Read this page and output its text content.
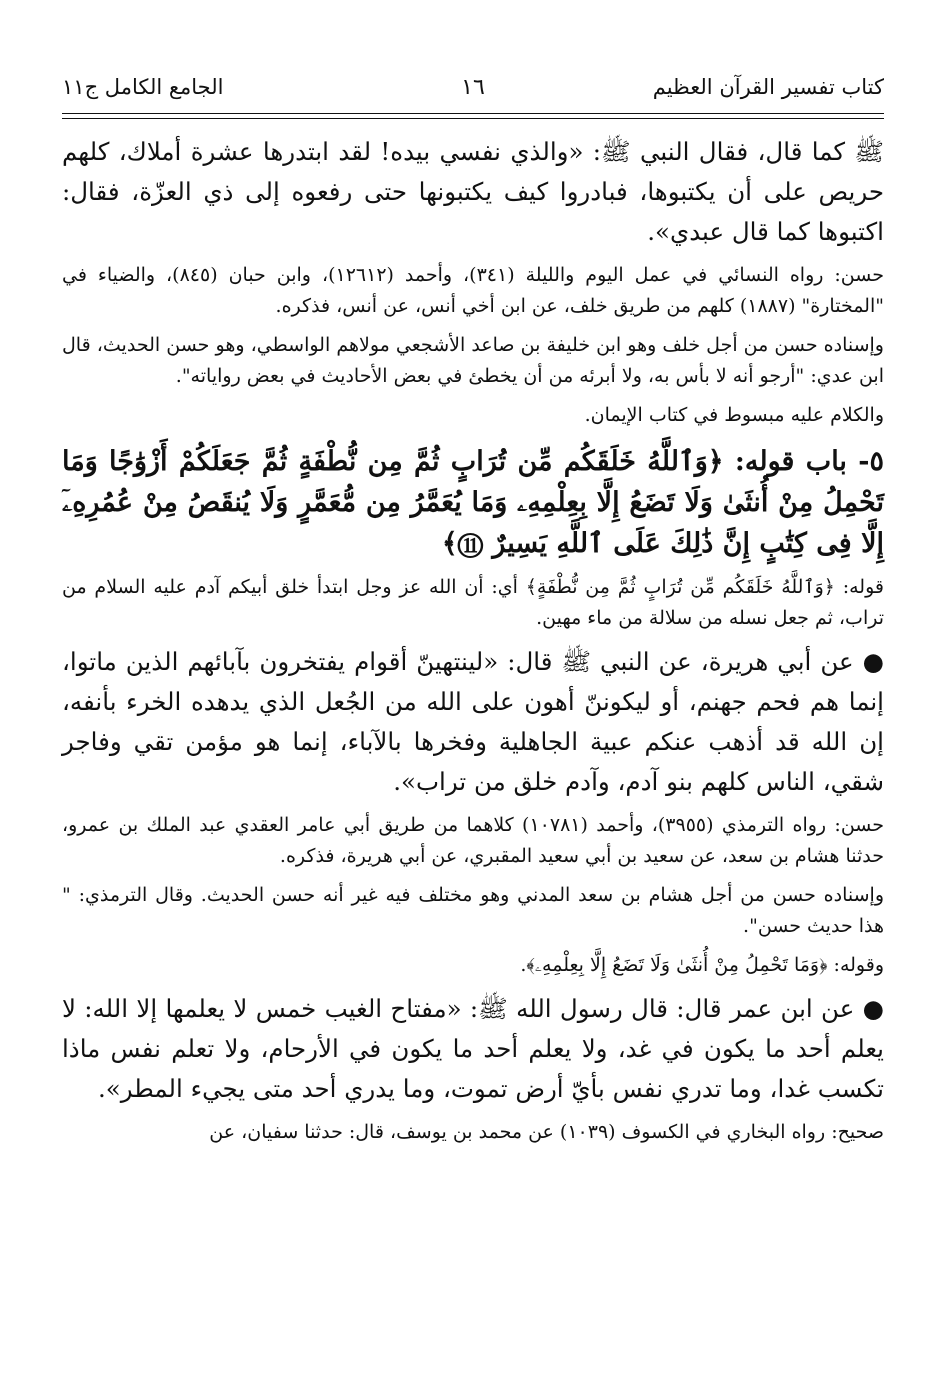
كتاب تفسير القرآن العظيم
١٦
الجامع الكامل ج١١

ﷺ كما قال، فقال النبي ﷺ: «والذي نفسي بيده! لقد ابتدرها عشرة أملاك، كلهم حريص على أن يكتبوها، فبادروا كيف يكتبونها حتى رفعوه إلى ذي العزّة، فقال: اكتبوها كما قال عبدي».

حسن: رواه النسائي في عمل اليوم والليلة (٣٤١)، وأحمد (١٢٦١٢)، وابن حبان (٨٤٥)، والضياء في "المختارة" (١٨٨٧) كلهم من طريق خلف، عن ابن أخي أنس، عن أنس، فذكره.

وإسناده حسن من أجل خلف وهو ابن خليفة بن صاعد الأشجعي مولاهم الواسطي، وهو حسن الحديث، قال ابن عدي: "أرجو أنه لا بأس به، ولا أبرئه من أن يخطئ في بعض الأحاديث في بعض رواياته".

والكلام عليه مبسوط في كتاب الإيمان.

٥- باب قوله: ﴿وَٱللَّهُ خَلَقَكُم مِّن تُرَابٍ ثُمَّ مِن نُّطْفَةٍ ثُمَّ جَعَلَكُمْ أَزْوَٰجًا وَمَا تَحْمِلُ مِنْ أُنثَىٰ وَلَا تَضَعُ إِلَّا بِعِلْمِهِۦ وَمَا يُعَمَّرُ مِن مُّعَمَّرٍ وَلَا يُنقَصُ مِنْ عُمُرِهِۦٓ إِلَّا فِى كِتَٰبٍ إِنَّ ذَٰلِكَ عَلَى ٱللَّهِ يَسِيرٌ ⑪﴾

قوله: ﴿وَٱللَّهُ خَلَقَكُم مِّن تُرَابٍ ثُمَّ مِن نُّطْفَةٍ﴾ أي: أن الله عز وجل ابتدأ خلق أبيكم آدم عليه السلام من تراب، ثم جعل نسله من سلالة من ماء مهين.

● عن أبي هريرة، عن النبي ﷺ قال: «لينتهينّ أقوام يفتخرون بآبائهم الذين ماتوا، إنما هم فحم جهنم، أو ليكوننّ أهون على الله من الجُعل الذي يدهده الخرء بأنفه، إن الله قد أذهب عنكم عبية الجاهلية وفخرها بالآباء، إنما هو مؤمن تقي وفاجر شقي، الناس كلهم بنو آدم، وآدم خلق من تراب».

حسن: رواه الترمذي (٣٩٥٥)، وأحمد (١٠٧٨١) كلاهما من طريق أبي عامر العقدي عبد الملك بن عمرو، حدثنا هشام بن سعد، عن سعيد بن أبي سعيد المقبري، عن أبي هريرة، فذكره.

وإسناده حسن من أجل هشام بن سعد المدني وهو مختلف فيه غير أنه حسن الحديث. وقال الترمذي: " هذا حديث حسن".

وقوله: ﴿وَمَا تَحْمِلُ مِنْ أُنثَىٰ وَلَا تَضَعُ إِلَّا بِعِلْمِهِۦ﴾.

● عن ابن عمر قال: قال رسول الله ﷺ: «مفتاح الغيب خمس لا يعلمها إلا الله: لا يعلم أحد ما يكون في غد، ولا يعلم أحد ما يكون في الأرحام، ولا تعلم نفس ماذا تكسب غدا، وما تدري نفس بأيّ أرض تموت، وما يدري أحد متى يجيء المطر».

صحيح: رواه البخاري في الكسوف (١٠٣٩) عن محمد بن يوسف، قال: حدثنا سفيان، عن
